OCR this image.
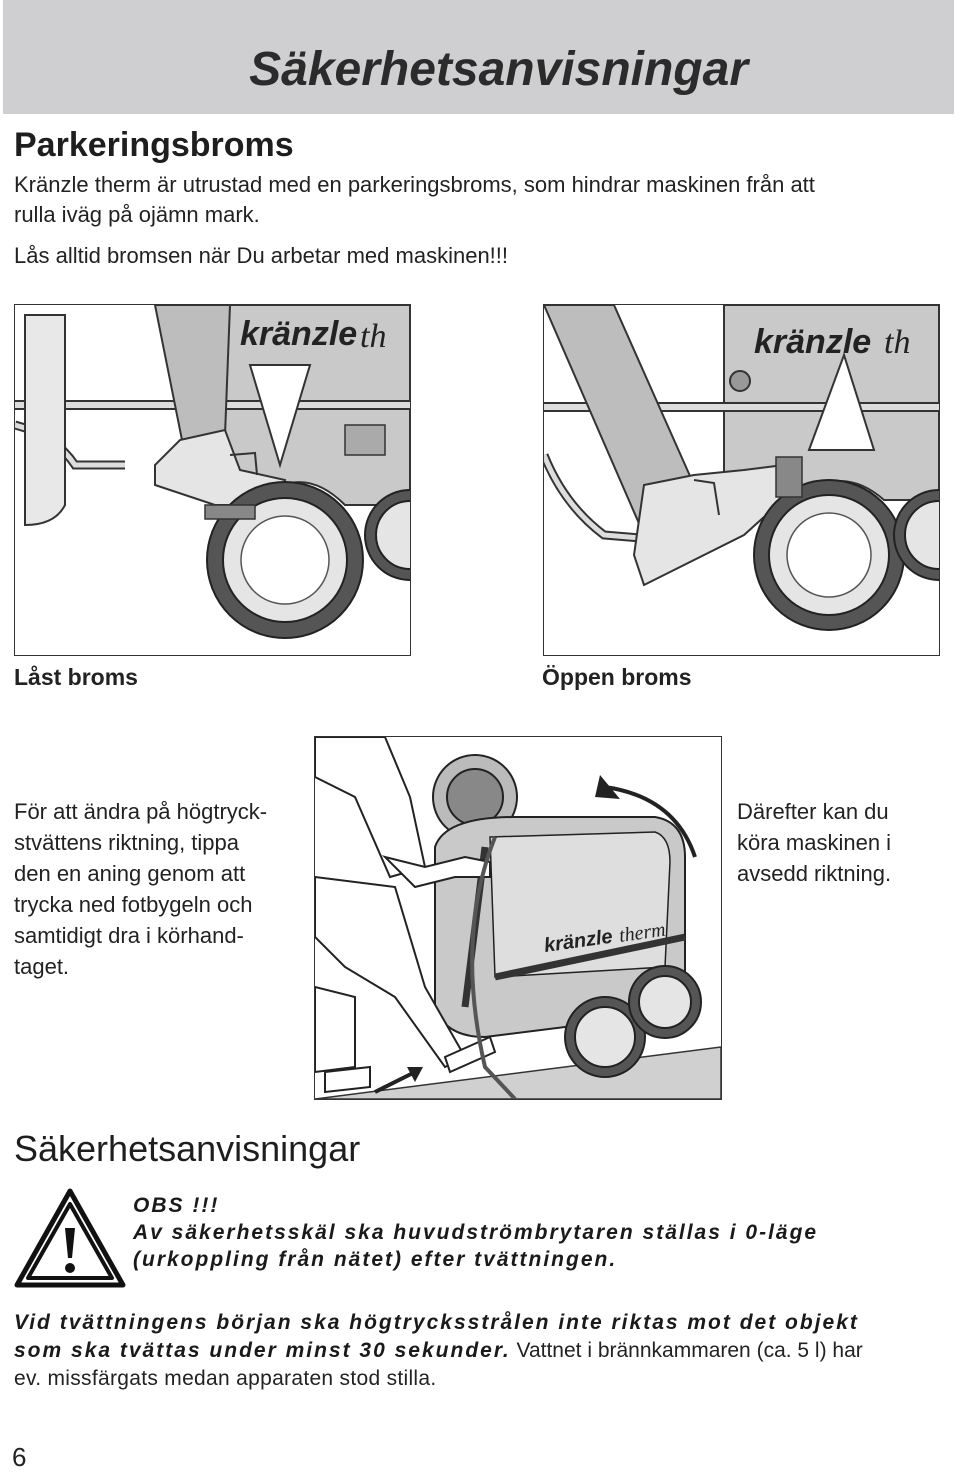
Säkerhetsanvisningar
Parkeringsbroms
Kränzle therm är utrustad med en parkeringsbroms, som hindrar maskinen från att
rulla iväg på ojämn mark.
Lås alltid bromsen när Du arbetar med maskinen!!!
kränzle th	kränzle th
Låst broms	Öppen broms
För att ändra på högtryck-
stvättens riktning, tippa
den en aning genom att
trycka ned fotbygeln och
samtidigt dra i körhand-
taget.
kränzle therm
Därefter kan du
köra maskinen i
avsedd riktning.
Säkerhetsanvisningar
OBS !!!
Av säkerhetsskäl ska huvudströmbrytaren ställas i 0-läge
(urkoppling från nätet) efter tvättningen.
Vid tvättningens början ska högtrycksstrålen inte riktas mot det objekt
som ska tvättas under minst 30 sekunder. Vattnet i brännkammaren (ca. 5 l) har
ev. missfärgats medan apparaten stod stilla.
6
